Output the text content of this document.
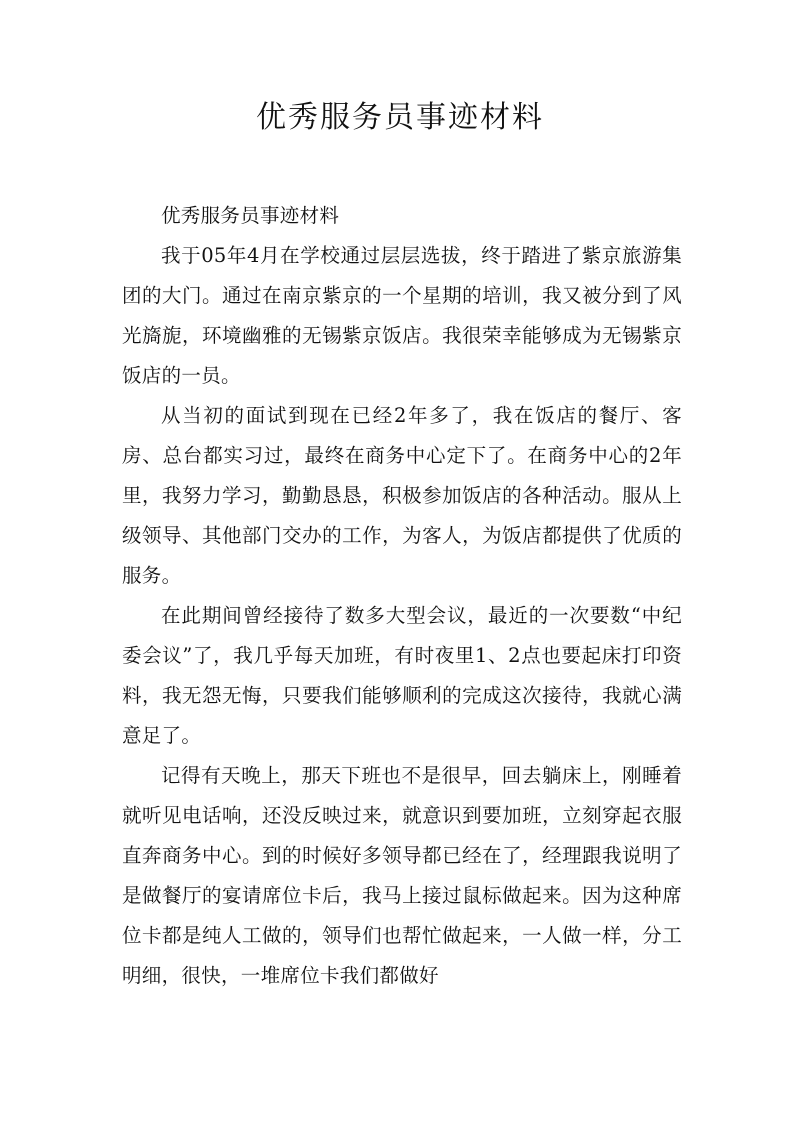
优秀服务员事迹材料

优秀服务员事迹材料

我于05年4月在学校通过层层选拔，终于踏进了紫京旅游集团的大门。通过在南京紫京的一个星期的培训，我又被分到了风光旖旎，环境幽雅的无锡紫京饭店。我很荣幸能够成为无锡紫京饭店的一员。

从当初的面试到现在已经2年多了，我在饭店的餐厅、客房、总台都实习过，最终在商务中心定下了。在商务中心的2年里，我努力学习，勤勤恳恳，积极参加饭店的各种活动。服从上级领导、其他部门交办的工作，为客人，为饭店都提供了优质的服务。

在此期间曾经接待了数多大型会议，最近的一次要数“中纪委会议”了，我几乎每天加班，有时夜里1、2点也要起床打印资料，我无怨无悔，只要我们能够顺利的完成这次接待，我就心满意足了。

记得有天晚上，那天下班也不是很早，回去躺床上，刚睡着就听见电话响，还没反映过来，就意识到要加班，立刻穿起衣服直奔商务中心。到的时候好多领导都已经在了，经理跟我说明了是做餐厅的宴请席位卡后，我马上接过鼠标做起来。因为这种席位卡都是纯人工做的，领导们也帮忙做起来，一人做一样，分工明细，很快，一堆席位卡我们都做好
